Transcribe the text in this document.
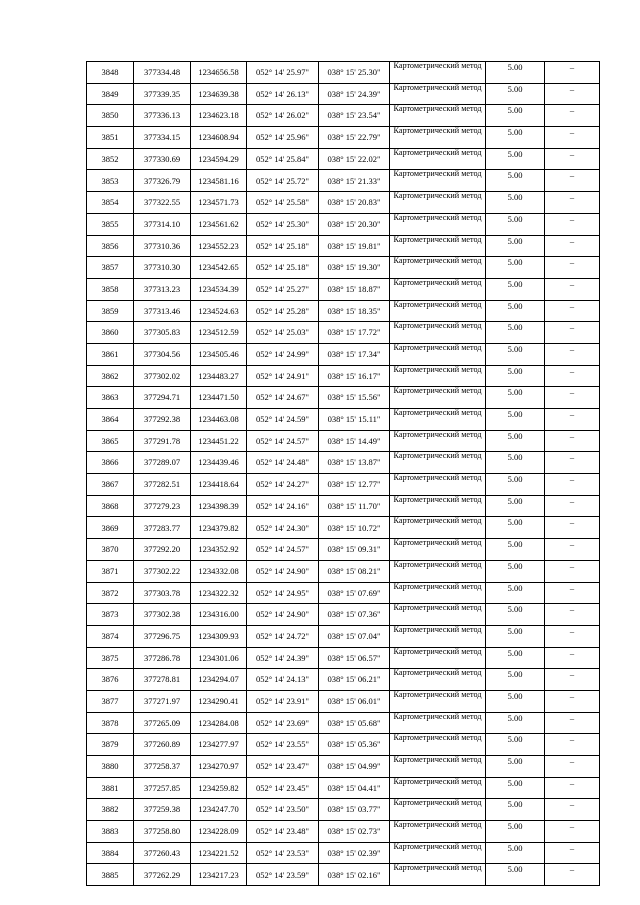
3848	377334.48	1234656.58	052° 14' 25.97"	038° 15' 25.30"	Картометрический метод	5.00	–
3849	377339.35	1234639.38	052° 14' 26.13"	038° 15' 24.39"	Картометрический метод	5.00	–
3850	377336.13	1234623.18	052° 14' 26.02"	038° 15' 23.54"	Картометрический метод	5.00	–
3851	377334.15	1234608.94	052° 14' 25.96"	038° 15' 22.79"	Картометрический метод	5.00	–
3852	377330.69	1234594.29	052° 14' 25.84"	038° 15' 22.02"	Картометрический метод	5.00	–
3853	377326.79	1234581.16	052° 14' 25.72"	038° 15' 21.33"	Картометрический метод	5.00	–
3854	377322.55	1234571.73	052° 14' 25.58"	038° 15' 20.83"	Картометрический метод	5.00	–
3855	377314.10	1234561.62	052° 14' 25.30"	038° 15' 20.30"	Картометрический метод	5.00	–
3856	377310.36	1234552.23	052° 14' 25.18"	038° 15' 19.81"	Картометрический метод	5.00	–
3857	377310.30	1234542.65	052° 14' 25.18"	038° 15' 19.30"	Картометрический метод	5.00	–
3858	377313.23	1234534.39	052° 14' 25.27"	038° 15' 18.87"	Картометрический метод	5.00	–
3859	377313.46	1234524.63	052° 14' 25.28"	038° 15' 18.35"	Картометрический метод	5.00	–
3860	377305.83	1234512.59	052° 14' 25.03"	038° 15' 17.72"	Картометрический метод	5.00	–
3861	377304.56	1234505.46	052° 14' 24.99"	038° 15' 17.34"	Картометрический метод	5.00	–
3862	377302.02	1234483.27	052° 14' 24.91"	038° 15' 16.17"	Картометрический метод	5.00	–
3863	377294.71	1234471.50	052° 14' 24.67"	038° 15' 15.56"	Картометрический метод	5.00	–
3864	377292.38	1234463.08	052° 14' 24.59"	038° 15' 15.11"	Картометрический метод	5.00	–
3865	377291.78	1234451.22	052° 14' 24.57"	038° 15' 14.49"	Картометрический метод	5.00	–
3866	377289.07	1234439.46	052° 14' 24.48"	038° 15' 13.87"	Картометрический метод	5.00	–
3867	377282.51	1234418.64	052° 14' 24.27"	038° 15' 12.77"	Картометрический метод	5.00	–
3868	377279.23	1234398.39	052° 14' 24.16"	038° 15' 11.70"	Картометрический метод	5.00	–
3869	377283.77	1234379.82	052° 14' 24.30"	038° 15' 10.72"	Картометрический метод	5.00	–
3870	377292.20	1234352.92	052° 14' 24.57"	038° 15' 09.31"	Картометрический метод	5.00	–
3871	377302.22	1234332.08	052° 14' 24.90"	038° 15' 08.21"	Картометрический метод	5.00	–
3872	377303.78	1234322.32	052° 14' 24.95"	038° 15' 07.69"	Картометрический метод	5.00	–
3873	377302.38	1234316.00	052° 14' 24.90"	038° 15' 07.36"	Картометрический метод	5.00	–
3874	377296.75	1234309.93	052° 14' 24.72"	038° 15' 07.04"	Картометрический метод	5.00	–
3875	377286.78	1234301.06	052° 14' 24.39"	038° 15' 06.57"	Картометрический метод	5.00	–
3876	377278.81	1234294.07	052° 14' 24.13"	038° 15' 06.21"	Картометрический метод	5.00	–
3877	377271.97	1234290.41	052° 14' 23.91"	038° 15' 06.01"	Картометрический метод	5.00	–
3878	377265.09	1234284.08	052° 14' 23.69"	038° 15' 05.68"	Картометрический метод	5.00	–
3879	377260.89	1234277.97	052° 14' 23.55"	038° 15' 05.36"	Картометрический метод	5.00	–
3880	377258.37	1234270.97	052° 14' 23.47"	038° 15' 04.99"	Картометрический метод	5.00	–
3881	377257.85	1234259.82	052° 14' 23.45"	038° 15' 04.41"	Картометрический метод	5.00	–
3882	377259.38	1234247.70	052° 14' 23.50"	038° 15' 03.77"	Картометрический метод	5.00	–
3883	377258.80	1234228.09	052° 14' 23.48"	038° 15' 02.73"	Картометрический метод	5.00	–
3884	377260.43	1234221.52	052° 14' 23.53"	038° 15' 02.39"	Картометрический метод	5.00	–
3885	377262.29	1234217.23	052° 14' 23.59"	038° 15' 02.16"	Картометрический метод	5.00	–
